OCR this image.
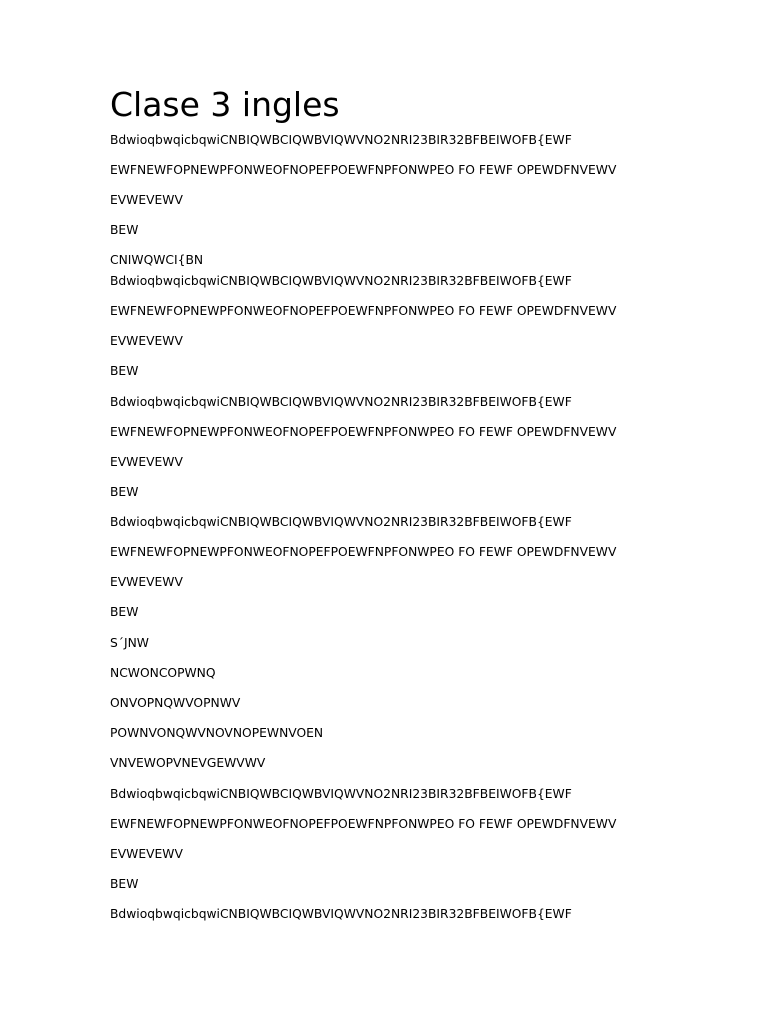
Clase 3 ingles

BdwioqbwqicbqwiCNBIQWBCIQWBVIQWVNO2NRI23BIR32BFBEIWOFB{EWF

EWFNEWFOPNEWPFONWEOFNOPEFPOEWFNPFONWPEO FO FEWF OPEWDFNVEWV

EVWEVEWV

BEW

CNIWQWCI{BN

BdwioqbwqicbqwiCNBIQWBCIQWBVIQWVNO2NRI23BIR32BFBEIWOFB{EWF

EWFNEWFOPNEWPFONWEOFNOPEFPOEWFNPFONWPEO FO FEWF OPEWDFNVEWV

EVWEVEWV

BEW

BdwioqbwqicbqwiCNBIQWBCIQWBVIQWVNO2NRI23BIR32BFBEIWOFB{EWF

EWFNEWFOPNEWPFONWEOFNOPEFPOEWFNPFONWPEO FO FEWF OPEWDFNVEWV

EVWEVEWV

BEW

BdwioqbwqicbqwiCNBIQWBCIQWBVIQWVNO2NRI23BIR32BFBEIWOFB{EWF

EWFNEWFOPNEWPFONWEOFNOPEFPOEWFNPFONWPEO FO FEWF OPEWDFNVEWV

EVWEVEWV

BEW

S´JNW

NCWONCOPWNQ

ONVOPNQWVOPNWV

POWNVONQWVNOVNOPEWNVOEN

VNVEWOPVNEVGEWVWV

BdwioqbwqicbqwiCNBIQWBCIQWBVIQWVNO2NRI23BIR32BFBEIWOFB{EWF

EWFNEWFOPNEWPFONWEOFNOPEFPOEWFNPFONWPEO FO FEWF OPEWDFNVEWV

EVWEVEWV

BEW

BdwioqbwqicbqwiCNBIQWBCIQWBVIQWVNO2NRI23BIR32BFBEIWOFB{EWF
